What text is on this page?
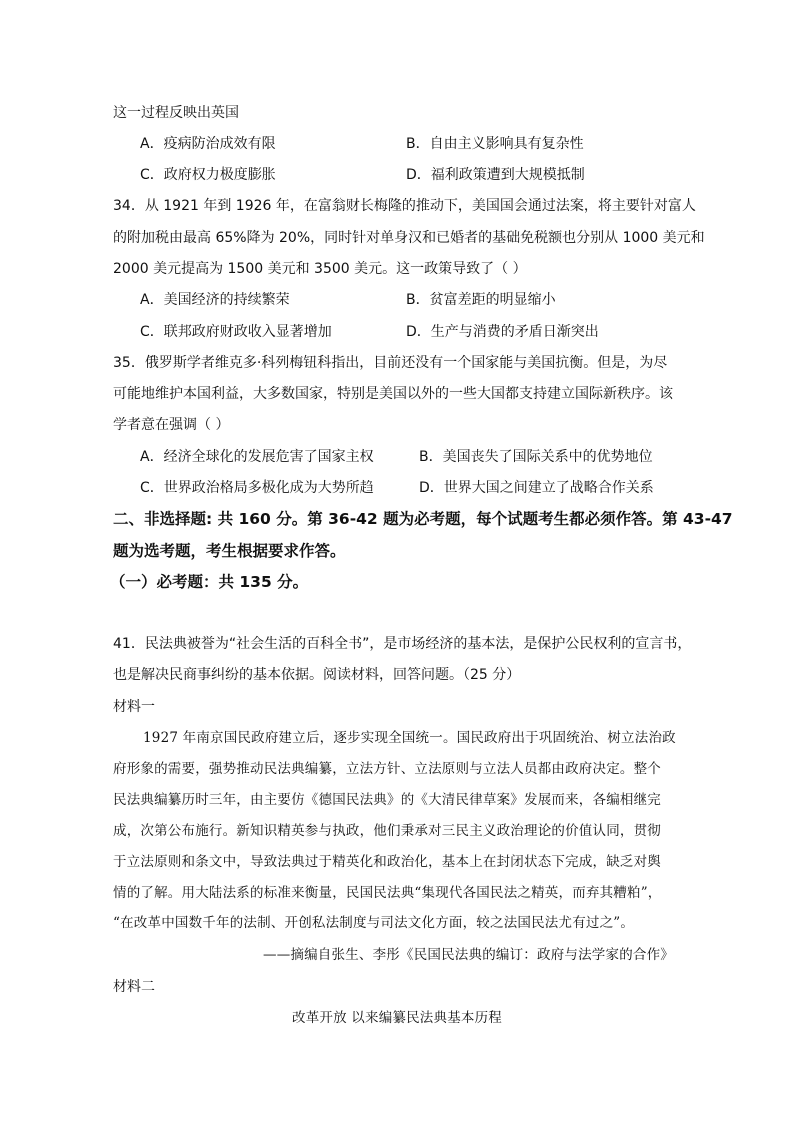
这一过程反映出英国
A．疫病防治成效有限	B．自由主义影响具有复杂性
C．政府权力极度膨胀	D．福利政策遭到大规模抵制
34．从 1921 年到 1926 年，在富翁财长梅隆的推动下，美国国会通过法案，将主要针对富人
的附加税由最高 65%降为 20%，同时针对单身汉和已婚者的基础免税额也分别从 1000 美元和
2000 美元提高为 1500 美元和 3500 美元。这一政策导致了（ ）
A．美国经济的持续繁荣	B．贫富差距的明显缩小
C．联邦政府财政收入显著增加	D．生产与消费的矛盾日渐突出
35．俄罗斯学者维克多·科列梅钮科指出，目前还没有一个国家能与美国抗衡。但是，为尽
可能地维护本国利益，大多数国家，特别是美国以外的一些大国都支持建立国际新秩序。该
学者意在强调（ ）
A．经济全球化的发展危害了国家主权	B．美国丧失了国际关系中的优势地位
C．世界政治格局多极化成为大势所趋	D．世界大国之间建立了战略合作关系
二、非选择题: 共 160 分。第 36-42 题为必考题，每个试题考生都必须作答。第 43-47
题为选考题，考生根据要求作答。
（一）必考题：共 135 分。
41．民法典被誉为“社会生活的百科全书”，是市场经济的基本法，是保护公民权利的宣言书，
也是解决民商事纠纷的基本依据。阅读材料，回答问题。（25 分）
材料一
1927 年南京国民政府建立后，逐步实现全国统一。国民政府出于巩固统治、树立法治政
府形象的需要，强势推动民法典编纂，立法方针、立法原则与立法人员都由政府决定。整个
民法典编纂历时三年，由主要仿《德国民法典》的《大清民律草案》发展而来，各编相继完
成，次第公布施行。新知识精英参与执政，他们秉承对三民主义政治理论的价值认同，贯彻
于立法原则和条文中，导致法典过于精英化和政治化，基本上在封闭状态下完成，缺乏对舆
情的了解。用大陆法系的标准来衡量，民国民法典“集现代各国民法之精英，而弃其糟粕”，
“在改革中国数千年的法制、开创私法制度与司法文化方面，较之法国民法尤有过之”。
——摘编自张生、李彤《民国民法典的编订：政府与法学家的合作》
材料二
改革开放 以来编纂民法典基本历程
